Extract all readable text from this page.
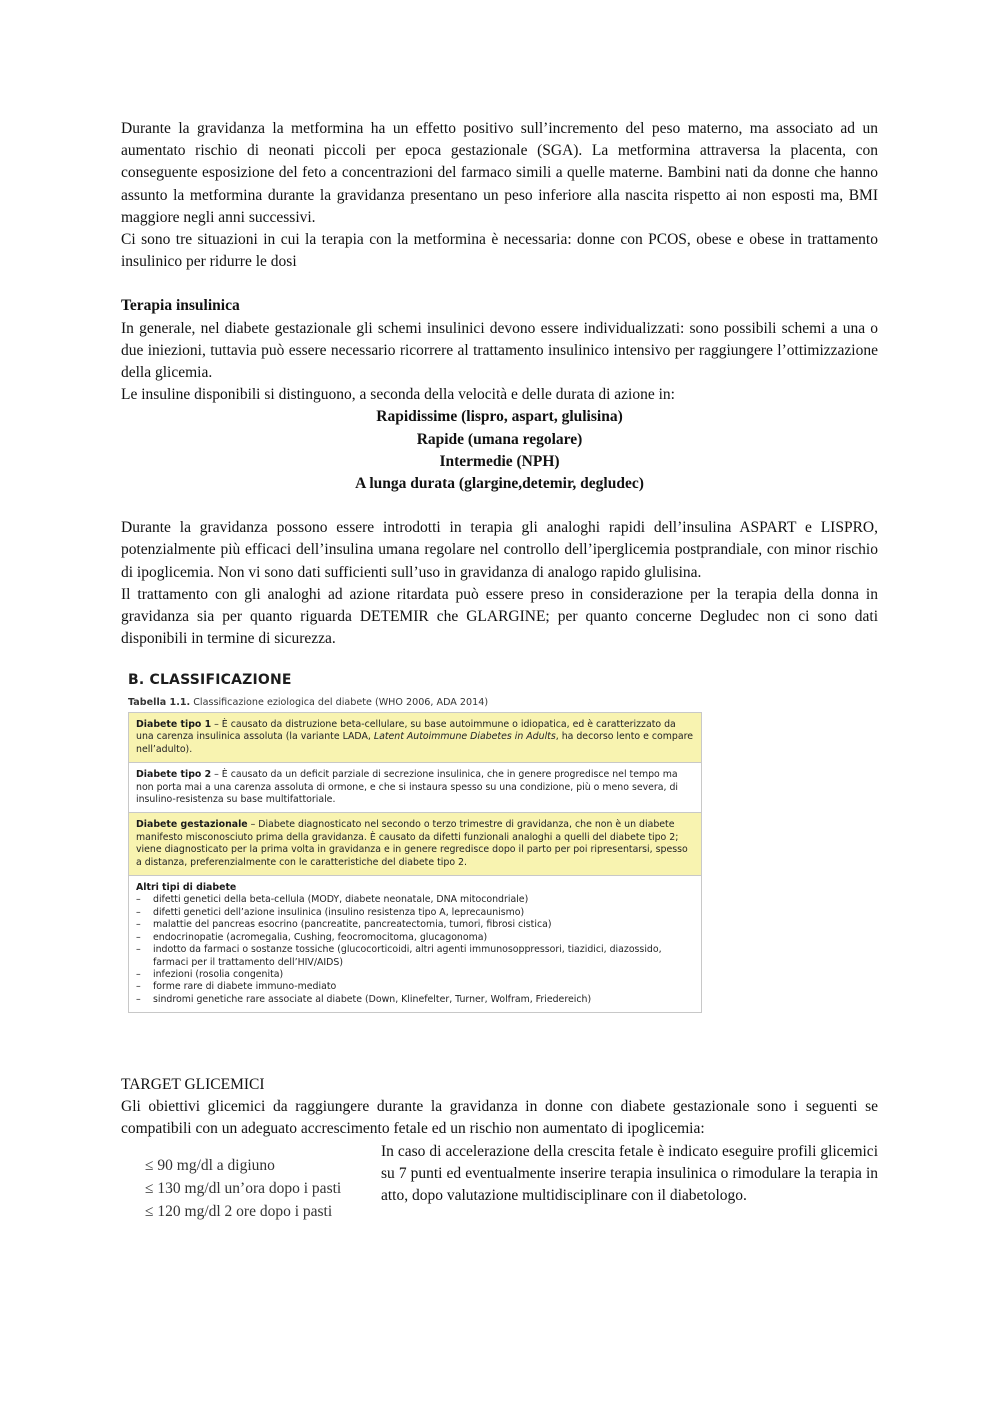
Durante la gravidanza la metformina ha un effetto positivo sull’incremento del peso materno, ma associato ad un aumentato rischio di neonati piccoli per epoca gestazionale (SGA). La metformina attraversa la placenta, con conseguente esposizione del feto a concentrazioni del farmaco simili a quelle materne. Bambini nati da donne che hanno assunto la metformina durante la gravidanza presentano un peso inferiore alla nascita rispetto ai non esposti ma, BMI maggiore negli anni successivi.

Ci sono tre situazioni in cui la terapia con la metformina è necessaria: donne con PCOS, obese e obese in trattamento insulinico per ridurre le dosi

Terapia insulinica

In generale, nel diabete gestazionale gli schemi insulinici devono essere individualizzati: sono possibili schemi a una o due iniezioni, tuttavia può essere necessario ricorrere al trattamento insulinico intensivo per raggiungere l’ottimizzazione della glicemia.

Le insuline disponibili si distinguono, a seconda della velocità e delle durata di azione in:

Rapidissime (lispro, aspart, glulisina)
Rapide (umana regolare)
Intermedie (NPH)
A lunga durata (glargine,detemir, degludec)

Durante la gravidanza possono essere introdotti in terapia gli analoghi rapidi dell’insulina ASPART e LISPRO, potenzialmente più efficaci dell’insulina umana regolare nel controllo dell’iperglicemia postprandiale, con minor rischio di ipoglicemia. Non vi sono dati sufficienti sull’uso in gravidanza di analogo rapido glulisina.

Il trattamento con gli analoghi ad azione ritardata può essere preso in considerazione per la terapia della donna in gravidanza sia per quanto riguarda DETEMIR che GLARGINE; per quanto concerne Degludec non ci sono dati disponibili in termine di sicurezza.

B. CLASSIFICAZIONE
Tabella 1.1. Classificazione eziologica del diabete (WHO 2006, ADA 2014)
Diabete tipo 1 – È causato da distruzione beta-cellulare, su base autoimmune o idiopatica, ed è caratterizzato da una carenza insulinica assoluta (la variante LADA, Latent Autoimmune Diabetes in Adults, ha decorso lento e compare nell’adulto).
Diabete tipo 2 – È causato da un deficit parziale di secrezione insulinica, che in genere progredisce nel tempo ma non porta mai a una carenza assoluta di ormone, e che si instaura spesso su una condizione, più o meno severa, di insulino-resistenza su base multifattoriale.
Diabete gestazionale – Diabete diagnosticato nel secondo o terzo trimestre di gravidanza, che non è un diabete manifesto misconosciuto prima della gravidanza. È causato da difetti funzionali analoghi a quelli del diabete tipo 2; viene diagnosticato per la prima volta in gravidanza e in genere regredisce dopo il parto per poi ripresentarsi, spesso a distanza, preferenzialmente con le caratteristiche del diabete tipo 2.
Altri tipi di diabete
– difetti genetici della beta-cellula (MODY, diabete neonatale, DNA mitocondriale)
– difetti genetici dell’azione insulinica (insulino resistenza tipo A, leprecaunismo)
– malattie del pancreas esocrino (pancreatite, pancreatectomia, tumori, fibrosi cistica)
– endocrinopatie (acromegalia, Cushing, feocromocitoma, glucagonoma)
– indotto da farmaci o sostanze tossiche (glucocorticoidi, altri agenti immunosoppressori, tiazidici, diazossido, farmaci per il trattamento dell’HIV/AIDS)
– infezioni (rosolia congenita)
– forme rare di diabete immuno-mediato
– sindromi genetiche rare associate al diabete (Down, Klinefelter, Turner, Wolfram, Friedereich)

TARGET GLICEMICI

Gli obiettivi glicemici da raggiungere durante la gravidanza in donne con diabete gestazionale sono i seguenti se compatibili con un adeguato accrescimento fetale ed un rischio non aumentato di ipoglicemia:

≤ 90 mg/dl a digiuno
≤ 130 mg/dl un’ora dopo i pasti
≤ 120 mg/dl 2 ore dopo i pasti

In caso di accelerazione della crescita fetale è indicato eseguire profili glicemici su 7 punti ed eventualmente inserire terapia insulinica o rimodulare la terapia in atto, dopo valutazione multidisciplinare con il diabetologo.
